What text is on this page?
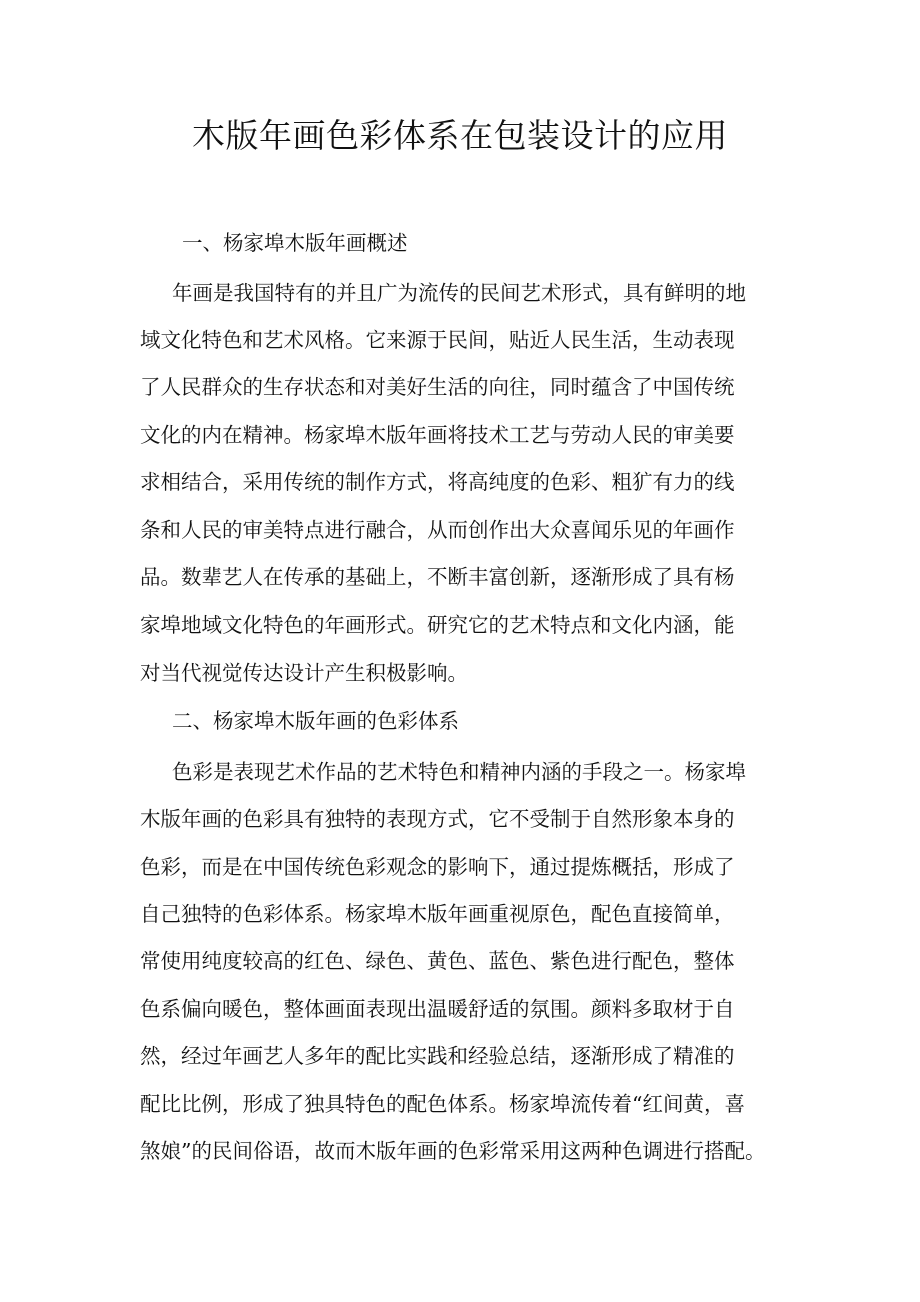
木版年画色彩体系在包装设计的应用

一、杨家埠木版年画概述

年画是我国特有的并且广为流传的民间艺术形式，具有鲜明的地

域文化特色和艺术风格。它来源于民间，贴近人民生活，生动表现

了人民群众的生存状态和对美好生活的向往，同时蕴含了中国传统

文化的内在精神。杨家埠木版年画将技术工艺与劳动人民的审美要

求相结合，采用传统的制作方式，将高纯度的色彩、粗犷有力的线

条和人民的审美特点进行融合，从而创作出大众喜闻乐见的年画作

品。数辈艺人在传承的基础上，不断丰富创新，逐渐形成了具有杨

家埠地域文化特色的年画形式。研究它的艺术特点和文化内涵，能

对当代视觉传达设计产生积极影响。

二、杨家埠木版年画的色彩体系

色彩是表现艺术作品的艺术特色和精神内涵的手段之一。杨家埠

木版年画的色彩具有独特的表现方式，它不受制于自然形象本身的

色彩，而是在中国传统色彩观念的影响下，通过提炼概括，形成了

自己独特的色彩体系。杨家埠木版年画重视原色，配色直接简单，

常使用纯度较高的红色、绿色、黄色、蓝色、紫色进行配色，整体

色系偏向暖色，整体画面表现出温暖舒适的氛围。颜料多取材于自

然，经过年画艺人多年的配比实践和经验总结，逐渐形成了精准的

配比比例，形成了独具特色的配色体系。杨家埠流传着“红间黄，喜

煞娘”的民间俗语，故而木版年画的色彩常采用这两种色调进行搭配。
